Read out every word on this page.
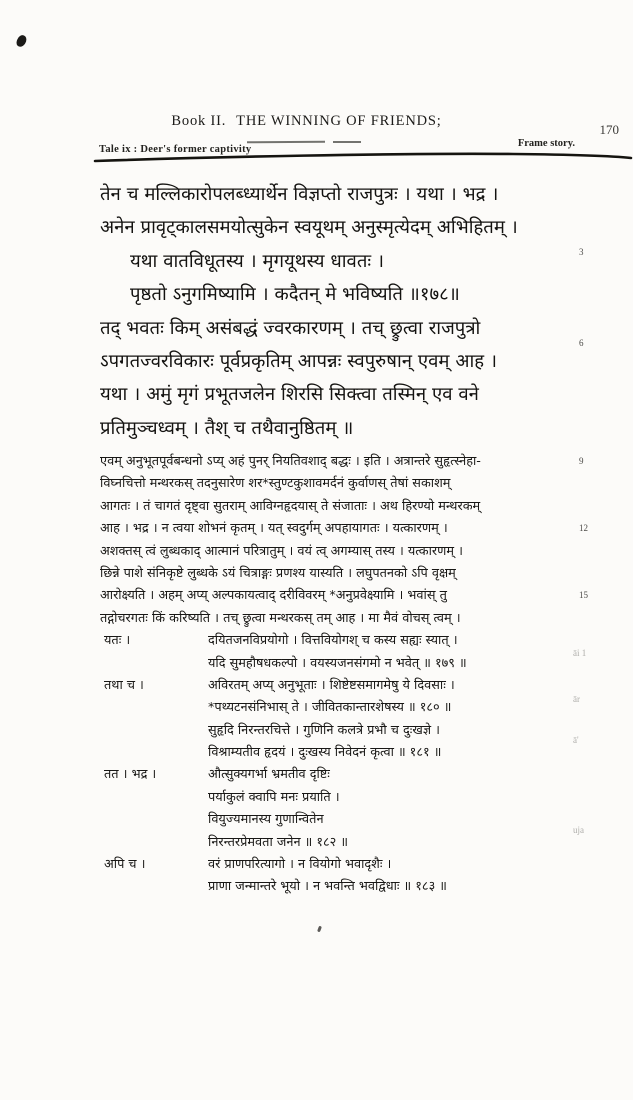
Book II. THE WINNING OF FRIENDS;
170
Tale ix : Deer's former captivity
Frame story.
तेन च मल्लिकारोपलब्ध्यार्थेन विज्ञप्तो राजपुत्रः । यथा । भद्र ।
अनेन प्रावृट्कालसमयोत्सुकेन स्वयूथम् अनुस्मृत्येदम् अभिहितम् ।
यथा वातविधूतस्य । मृगयूथस्य धावतः ।
पृष्ठतो ऽनुगमिष्यामि । कदैतन् मे भविष्यति ॥१७८॥
तद् भवतः किम् असंबद्धं ज्वरकारणम् । तच् छ्रुत्वा राजपुत्रो
ऽपगतज्वरविकारः पूर्वप्रकृतिम् आपन्नः स्वपुरुषान् एवम् आह ।
यथा । अमुं मृगं प्रभूतजलेन शिरसि सिक्त्वा तस्मिन् एव वने
प्रतिमुञ्चध्वम् । तैश् च तथैवानुष्ठितम् ॥
एवम् अनुभूतपूर्वबन्धनो ऽप्य् अहं पुनर् नियतिवशाद् बद्धः । इति । अत्रान्तरे सुहृत्स्नेहा-
विघ्नचित्तो मन्थरकस् तदनुसारेण शर*स्तुण्टकुशावमर्दनं कुर्वाणस् तेषां सकाशम्
आगतः । तं चागतं दृष्ट्वा सुतराम् आविग्नहृदयास् ते संजाताः । अथ हिरण्यो मन्थरकम्
आह । भद्र । न त्वया शोभनं कृतम् । यत् स्वदुर्गम् अपहायागतः । यत्कारणम् ।
अशक्तस् त्वं लुब्धकाद् आत्मानं परित्रातुम् । वयं त्व् अगम्यास् तस्य । यत्कारणम् ।
छिन्ने पाशे संनिकृष्टे लुब्धके ऽयं चित्राङ्गः प्रणश्य यास्यति । लघुपतनको ऽपि वृक्षम्
आरोक्ष्यति । अहम् अप्य् अल्पकायत्वाद् दरीविवरम् *अनुप्रवेक्ष्यामि । भवांस् तु
तद्गोचरगतः किं करिष्यति । तच् छ्रुत्वा मन्थरकस् तम् आह । मा मैवं वोचस् त्वम् ।
यतः ।	दयितजनविप्रयोगो । वित्तवियोगश् च कस्य सह्यः स्यात् ।
यदि सुमहौषधकल्पो । वयस्यजनसंगमो न भवेत् ॥ १७९ ॥
तथा च ।	अविरतम् अप्य् अनुभूताः । शिष्टेष्टसमागमेषु ये दिवसाः ।
*पथ्यटनसंनिभास् ते । जीवितकान्तारशेषस्य ॥ १८० ॥
सुहृदि निरन्तरचित्ते । गुणिनि कलत्रे प्रभौ च दुःखज्ञे ।
विश्राम्यतीव हृदयं । दुःखस्य निवेदनं कृत्वा ॥ १८१ ॥
तत । भद्र ।	औत्सुक्यगर्भा भ्रमतीव दृष्टिः
पर्याकुलं क्वापि मनः प्रयाति ।
वियुज्यमानस्य गुणान्वितेन
निरन्तरप्रेमवता जनेन ॥ १८२ ॥
अपि च ।	वरं प्राणपरित्यागो । न वियोगो भवादृशैः ।
प्राणा जन्मान्तरे भूयो । न भवन्ति भवद्विधाः ॥ १८३ ॥
3
6
9
12
15
āi 1
ār
ā'
uja
